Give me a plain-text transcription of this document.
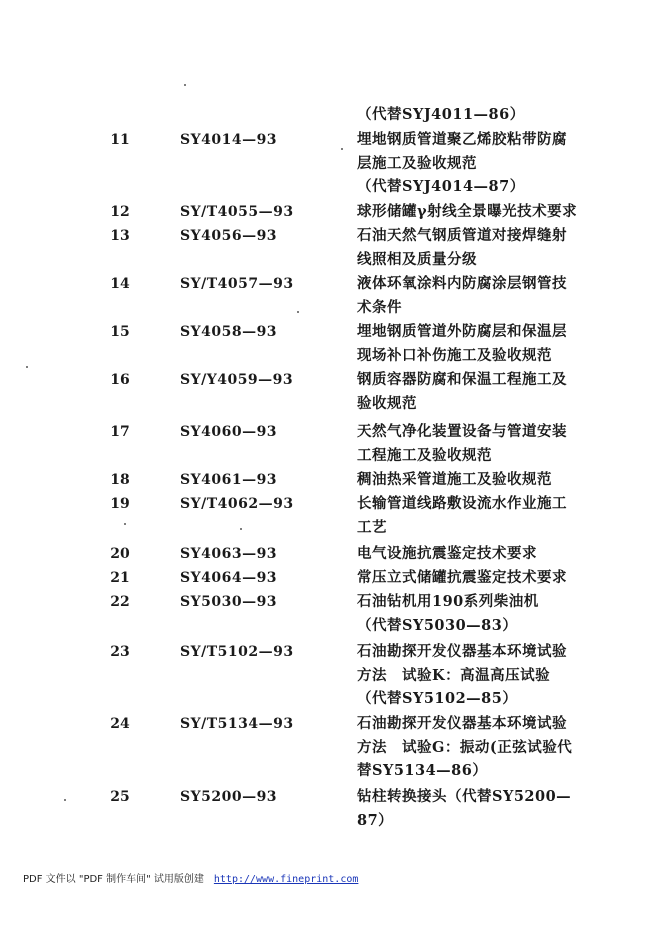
（代替SYJ4011—86）
11	SY4014—93	埋地钢质管道聚乙烯胶粘带防腐
层施工及验收规范
（代替SYJ4014—87）
12	SY/T4055—93	球形储罐γ射线全景曝光技术要求
13	SY4056—93	石油天然气钢质管道对接焊缝射
线照相及质量分级
14	SY/T4057—93	液体环氧涂料内防腐涂层钢管技
术条件
15	SY4058—93	埋地钢质管道外防腐层和保温层
现场补口补伤施工及验收规范
16	SY/Y4059—93	钢质容器防腐和保温工程施工及
验收规范
17	SY4060—93	天然气净化装置设备与管道安装
工程施工及验收规范
18	SY4061—93	稠油热采管道施工及验收规范
19	SY/T4062—93	长输管道线路敷设流水作业施工
工艺
20	SY4063—93	电气设施抗震鉴定技术要求
21	SY4064—93	常压立式储罐抗震鉴定技术要求
22	SY5030—93	石油钻机用190系列柴油机
（代替SY5030—83）
23	SY/T5102—93	石油勘探开发仪器基本环境试验
方法　试验K：高温高压试验
（代替SY5102—85）
24	SY/T5134—93	石油勘探开发仪器基本环境试验
方法　试验G：振动(正弦试验代
替SY5134—86）
25	SY5200—93	钻柱转换接头（代替SY5200—
87）
PDF 文件以 "PDF 制作车间" 试用版创建 http://www.fineprint.com
